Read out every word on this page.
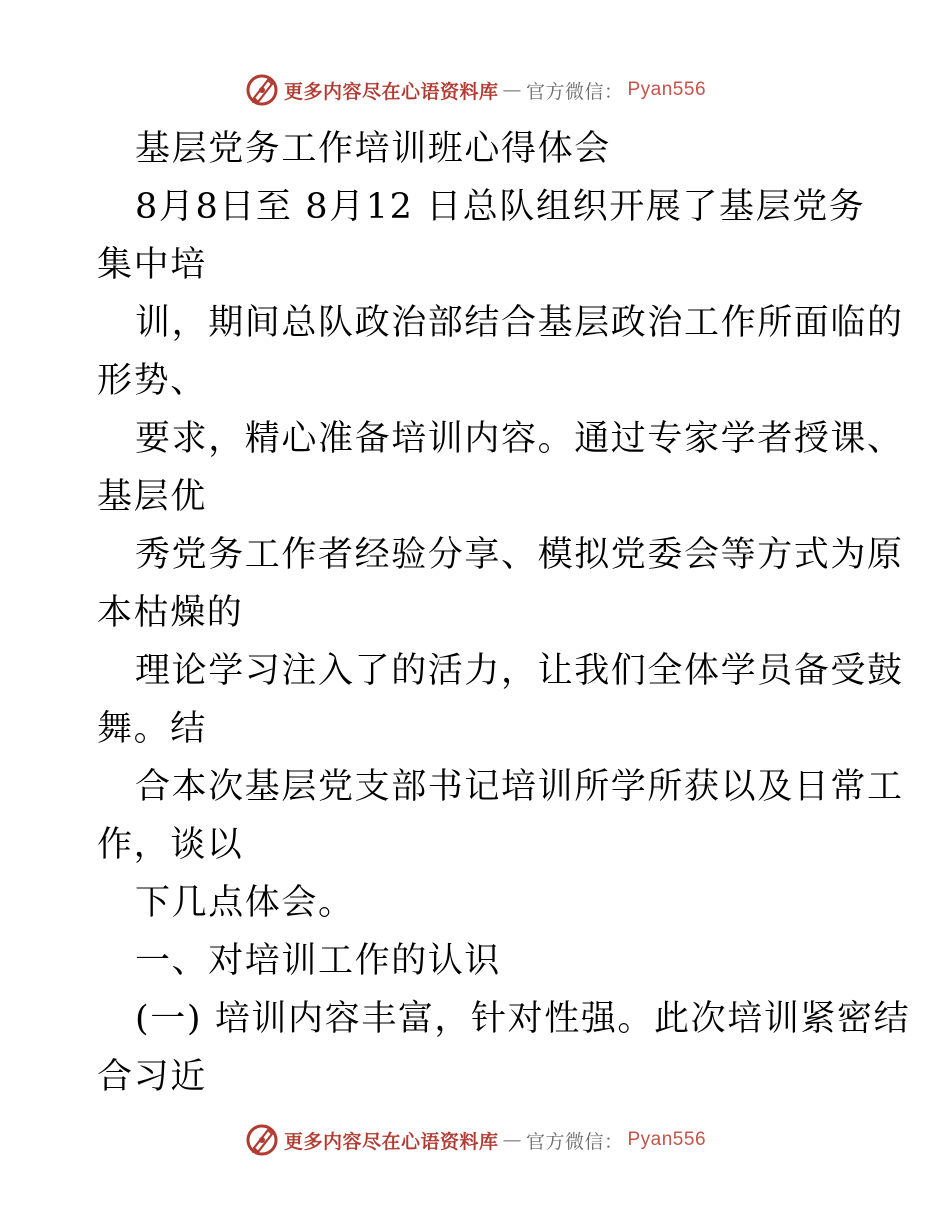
更多内容尽在心语资料库 — 官方微信： Pyan556
基层党务工作培训班心得体会
8月8日至 8月12 日总队组织开展了基层党务
集中培
训，期间总队政治部结合基层政治工作所面临的
形势、
要求，精心准备培训内容。通过专家学者授课、
基层优
秀党务工作者经验分享、模拟党委会等方式为原
本枯燥的
理论学习注入了的活力，让我们全体学员备受鼓
舞。结
合本次基层党支部书记培训所学所获以及日常工
作，谈以
下几点体会。
一、对培训工作的认识
(一) 培训内容丰富，针对性强。此次培训紧密结
合习近
更多内容尽在心语资料库 — 官方微信： Pyan556
